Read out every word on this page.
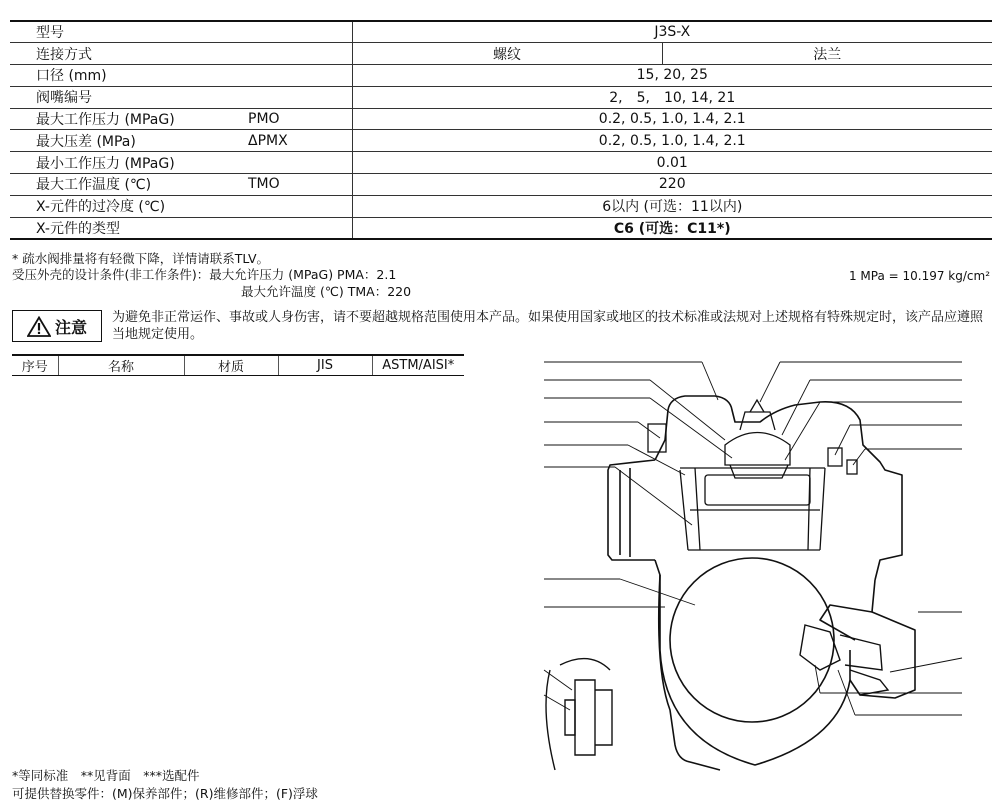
型号		J3S-X	
连接方式		螺纹	法兰
口径 (mm)		15, 20, 25	
阀嘴编号		2,　5,　10, 14, 21	
最大工作压力 (MPaG)	PMO	0.2, 0.5, 1.0, 1.4, 2.1	
最大压差 (MPa)	ΔPMX	0.2, 0.5, 1.0, 1.4, 2.1	
最小工作压力 (MPaG)		0.01	
最大工作温度 (℃)	TMO	220	
X-元件的过冷度 (℃)		6以内 (可选：11以内)	
X-元件的类型		C6 (可选：C11*)	
* 疏水阀排量将有轻微下降，详情请联系TLV。
受压外壳的设计条件(非工作条件)：最大允许压力 (MPaG) PMA：2.1
最大允许温度 (℃) TMA：220
1 MPa = 10.197 kg/cm²
注意 为避免非正常运作、事故或人身伤害，请不要超越规格范围使用本产品。如果使用国家或地区的技术标准或法规对上述规格有特殊规定时，该产品应遵照当地规定使用。
序号	名称	材质	JIS	ASTM/AISI*
*等同标准　**见背面　***选配件
可提供替换零件：(M)保养部件；(R)维修部件；(F)浮球
